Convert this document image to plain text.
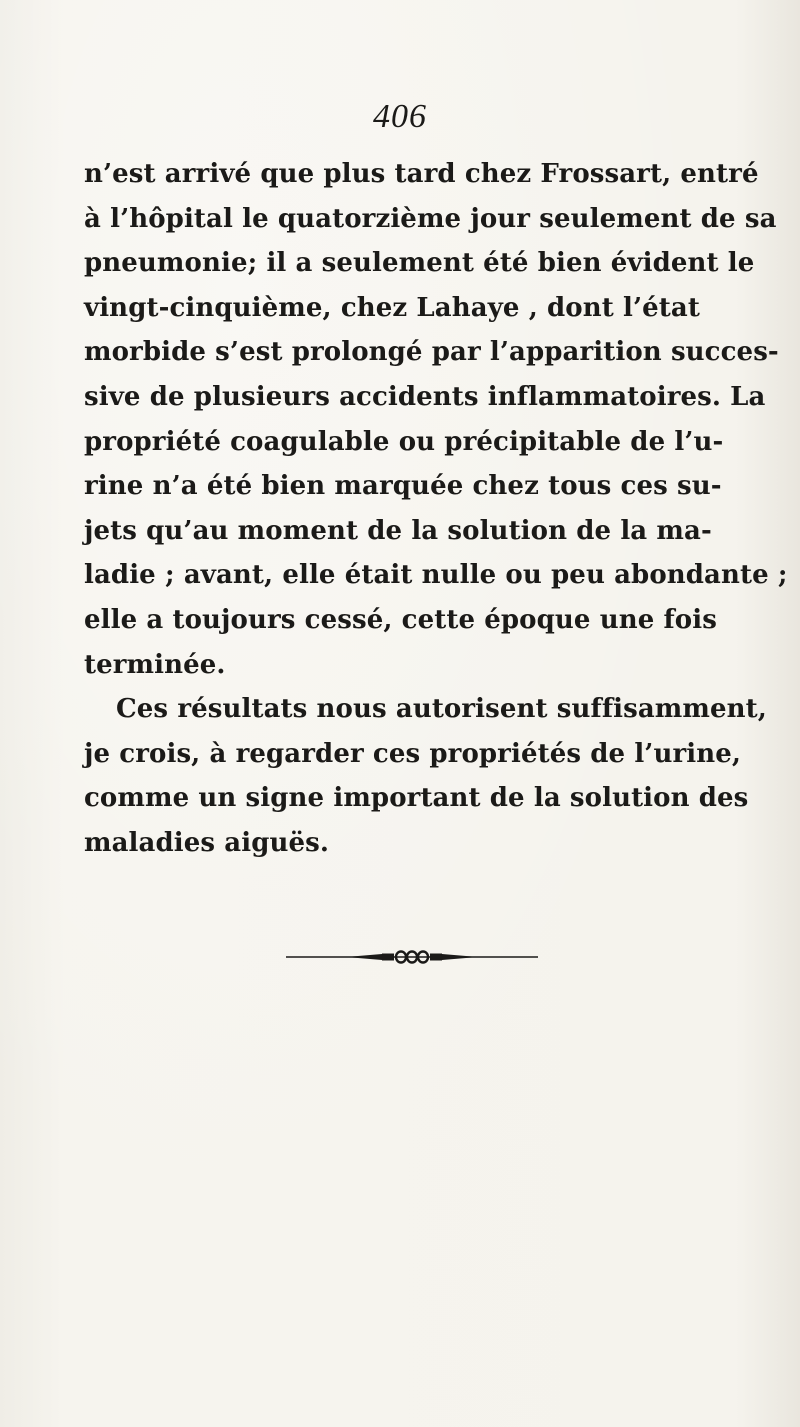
406
n’est arrivé que plus tard chez Frossart, entré
à l’hôpital le quatorzième jour seulement de sa
pneumonie; il a seulement été bien évident le
vingt-cinquième, chez Lahaye , dont l’état
morbide s’est prolongé par l’apparition succes-
sive de plusieurs accidents inflammatoires. La
propriété coagulable ou précipitable de l’u-
rine n’a été bien marquée chez tous ces su-
jets qu’au moment de la solution de la ma-
ladie ; avant, elle était nulle ou peu abondante ;
elle a toujours cessé, cette époque une fois
terminée.
Ces résultats nous autorisent suffisamment,
je crois, à regarder ces propriétés de l’urine,
comme un signe important de la solution des
maladies aiguës.
